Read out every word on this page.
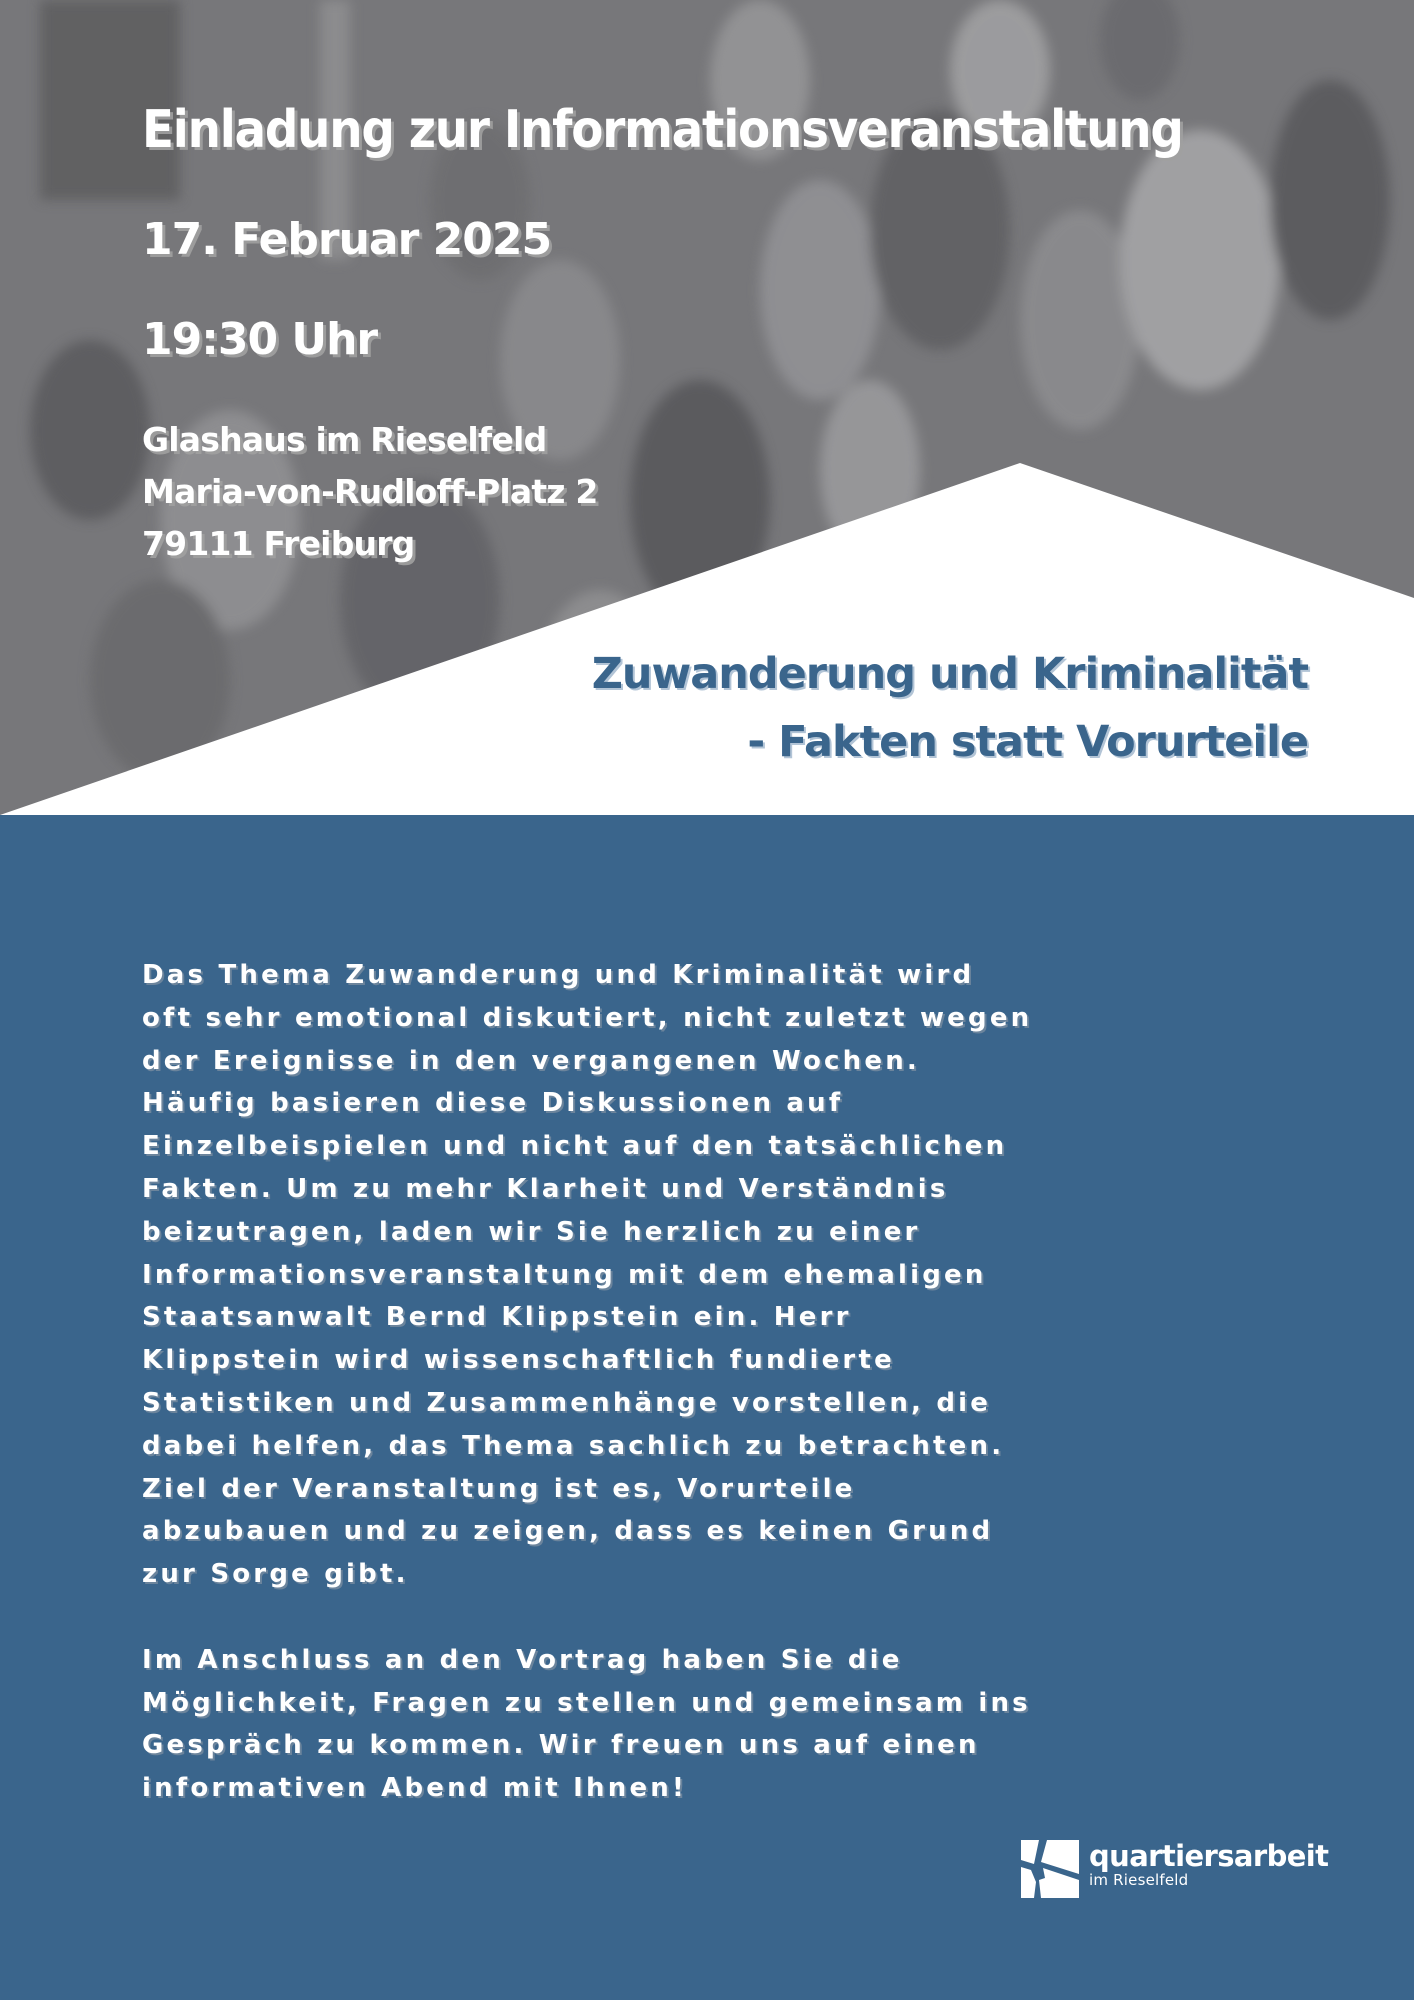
Einladung zur Informationsveranstaltung
17. Februar 2025
19:30 Uhr
Glashaus im Rieselfeld
Maria-von-Rudloff-Platz 2
79111 Freiburg
Zuwanderung und Kriminalität
- Fakten statt Vorurteile

Das Thema Zuwanderung und Kriminalität wird
oft sehr emotional diskutiert, nicht zuletzt wegen
der Ereignisse in den vergangenen Wochen.
Häufig basieren diese Diskussionen auf
Einzelbeispielen und nicht auf den tatsächlichen
Fakten. Um zu mehr Klarheit und Verständnis
beizutragen, laden wir Sie herzlich zu einer
Informationsveranstaltung mit dem ehemaligen
Staatsanwalt Bernd Klippstein ein. Herr
Klippstein wird wissenschaftlich fundierte
Statistiken und Zusammenhänge vorstellen, die
dabei helfen, das Thema sachlich zu betrachten.
Ziel der Veranstaltung ist es, Vorurteile
abzubauen und zu zeigen, dass es keinen Grund
zur Sorge gibt.

Im Anschluss an den Vortrag haben Sie die
Möglichkeit, Fragen zu stellen und gemeinsam ins
Gespräch zu kommen. Wir freuen uns auf einen
informativen Abend mit Ihnen!

quartiersarbeit
im Rieselfeld
